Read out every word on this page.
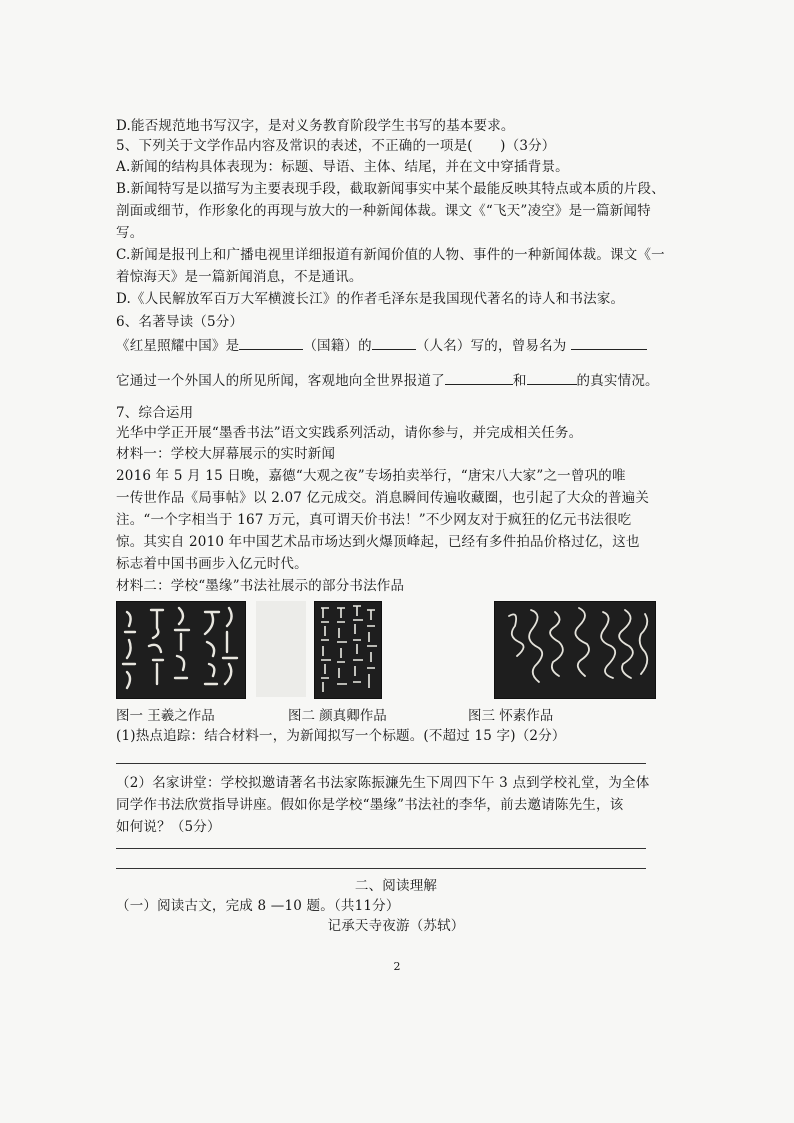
D.能否规范地书写汉字，是对义务教育阶段学生书写的基本要求。
5、下列关于文学作品内容及常识的表述，不正确的一项是(　　)（3分）
A.新闻的结构具体表现为：标题、导语、主体、结尾，并在文中穿插背景。
B.新闻特写是以描写为主要表现手段，截取新闻事实中某个最能反映其特点或本质的片段、
剖面或细节，作形象化的再现与放大的一种新闻体裁。课文《“飞天”凌空》是一篇新闻特
写。
C.新闻是报刊上和广播电视里详细报道有新闻价值的人物、事件的一种新闻体裁。课文《一
着惊海天》是一篇新闻消息，不是通讯。
D.《人民解放军百万大军横渡长江》的作者毛泽东是我国现代著名的诗人和书法家。
6、名著导读（5分）
《红星照耀中国》是	（国籍）的	（人名）写的，曾易名为
它通过一个外国人的所见所闻，客观地向全世界报道了	和	的真实情况。
7、综合运用
光华中学正开展“墨香书法”语文实践系列活动，请你参与，并完成相关任务。
材料一：学校大屏幕展示的实时新闻
2016 年 5 月 15 日晚，嘉德“大观之夜”专场拍卖举行，“唐宋八大家”之一曾巩的唯
一传世作品《局事帖》以 2.07 亿元成交。消息瞬间传遍收藏圈，也引起了大众的普遍关
注。“一个字相当于 167 万元，真可谓天价书法！”不少网友对于疯狂的亿元书法很吃
惊。其实自 2010 年中国艺术品市场达到火爆顶峰起，已经有多件拍品价格过亿，这也
标志着中国书画步入亿元时代。
材料二：学校“墨缘”书法社展示的部分书法作品
图一 王羲之作品	图二 颜真卿作品	图三 怀素作品
(1)热点追踪：结合材料一，为新闻拟写一个标题。(不超过 15 字)（2分）
（2）名家讲堂：学校拟邀请著名书法家陈振濂先生下周四下午 3 点到学校礼堂，为全体
同学作书法欣赏指导讲座。假如你是学校“墨缘”书法社的李华，前去邀请陈先生，该
如何说？（5分）
二、阅读理解
（一）阅读古文，完成 8 —10 题。（共11分）
记承天寺夜游（苏轼）
2
